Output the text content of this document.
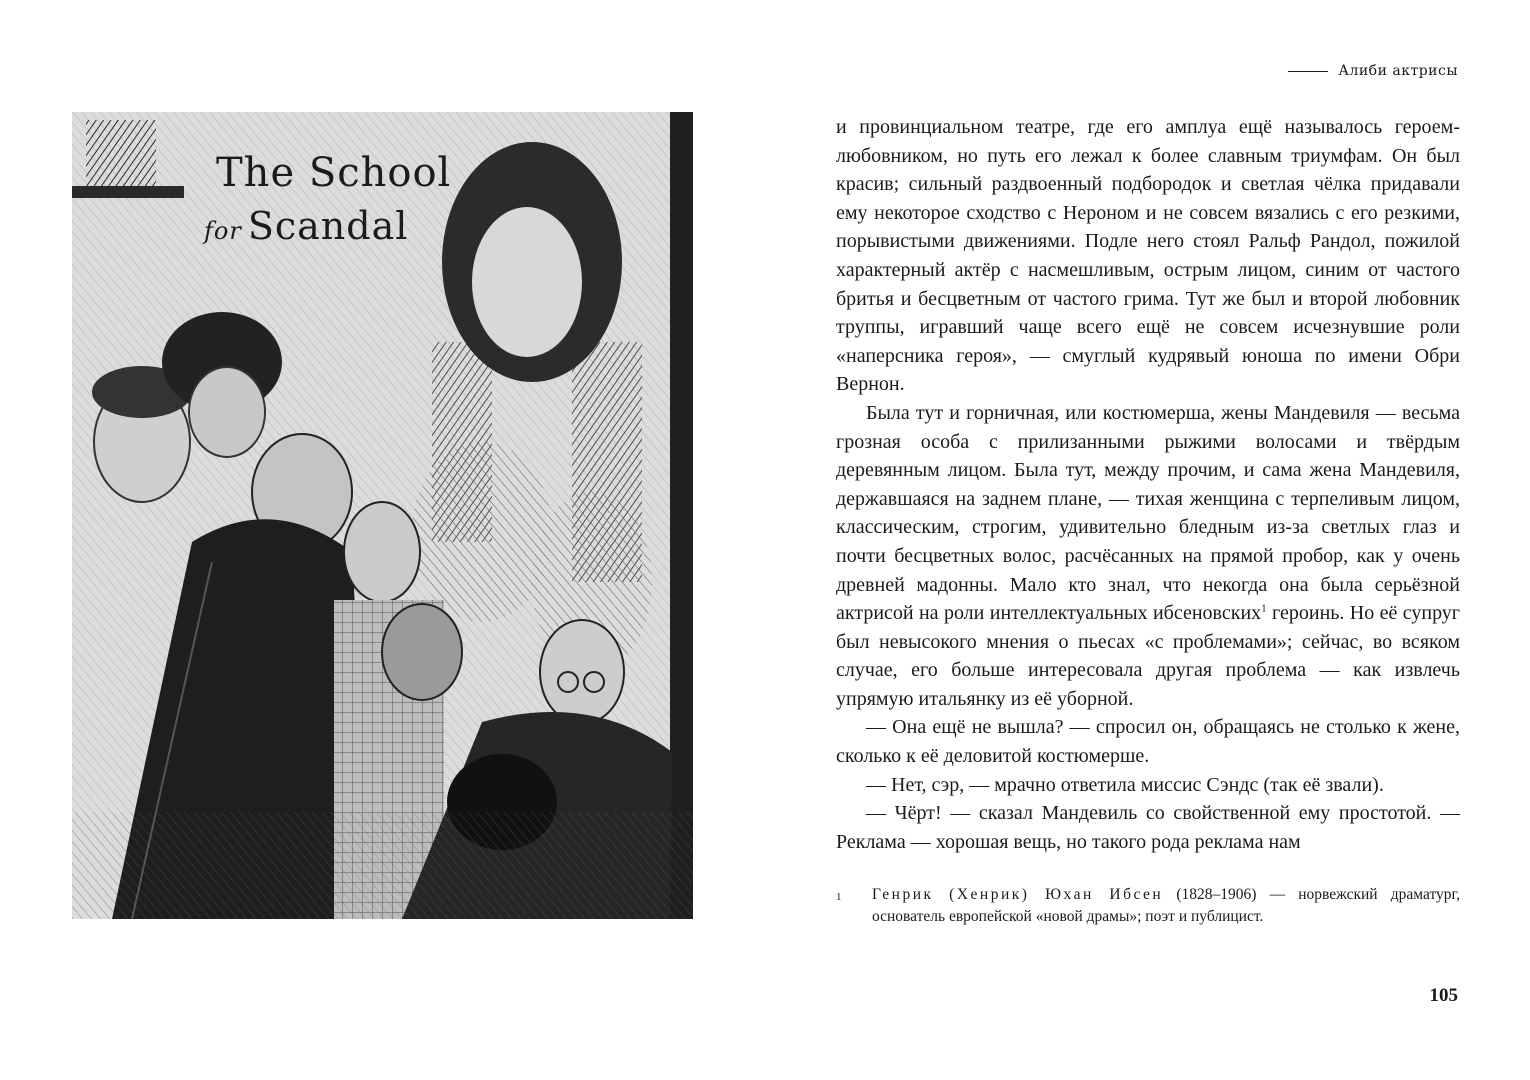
The School
for Scandal
Алиби актрисы

и провинциальном театре, где его амплуа ещё называлось героем-любовником, но путь его лежал к более славным триумфам. Он был красив; сильный раздвоенный подбородок и светлая чёлка придавали ему некоторое сходство с Нероном и не совсем вязались с его резкими, порывистыми движениями. Подле него стоял Ральф Рандол, пожилой характерный актёр с насмешливым, острым лицом, синим от частого бритья и бесцветным от частого грима. Тут же был и второй любовник труппы, игравший чаще всего ещё не совсем исчезнувшие роли «наперсника героя», — смуглый кудрявый юноша по имени Обри Вернон.

Была тут и горничная, или костюмерша, жены Мандевиля — весьма грозная особа с прилизанными рыжими волосами и твёрдым деревянным лицом. Была тут, между прочим, и сама жена Мандевиля, державшаяся на заднем плане, — тихая женщина с терпеливым лицом, классическим, строгим, удивительно бледным из-за светлых глаз и почти бесцветных волос, расчёсанных на прямой пробор, как у очень древней мадонны. Мало кто знал, что некогда она была серьёзной актрисой на роли интеллектуальных ибсеновских$^1$ героинь. Но её супруг был невысокого мнения о пьесах «с проблемами»; сейчас, во всяком случае, его больше интересовала другая проблема — как извлечь упрямую итальянку из её уборной.

— Она ещё не вышла? — спросил он, обращаясь не столько к жене, сколько к её деловитой костюмерше.

— Нет, сэр, — мрачно ответила миссис Сэндс (так её звали).

— Чёрт! — сказал Мандевиль со свойственной ему простотой. — Реклама — хорошая вещь, но такого рода реклама нам

1	Генрик (Хенрик) Юхан Ибсен (1828–1906) — норвежский драматург, основатель европейской «новой драмы»; поэт и публицист.
105
